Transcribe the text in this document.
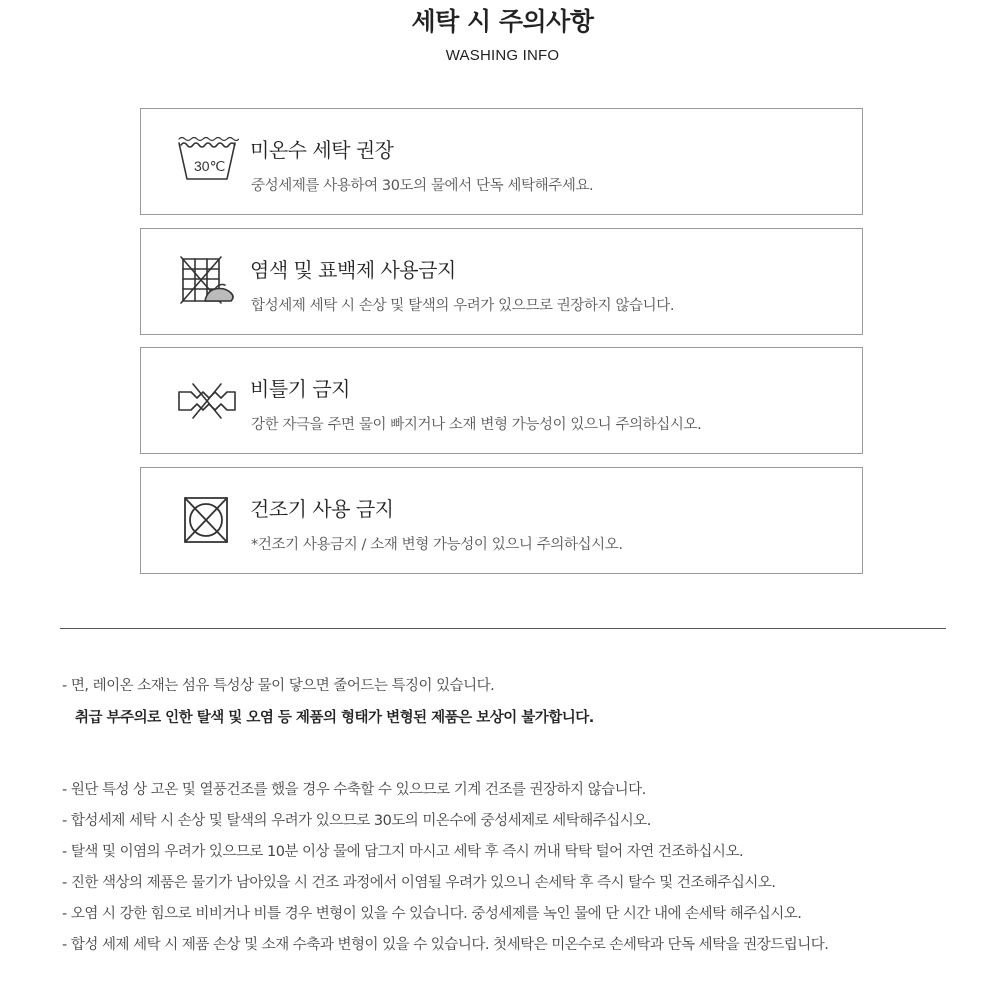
세탁 시 주의사항
WASHING INFO
30℃
미온수 세탁 권장
중성세제를 사용하여 30도의 물에서 단독 세탁해주세요.
염색 및 표백제 사용금지
합성세제 세탁 시 손상 및 탈색의 우려가 있으므로 권장하지 않습니다.
비틀기 금지
강한 자극을 주면 물이 빠지거나 소재 변형 가능성이 있으니 주의하십시오.
건조기 사용 금지
*건조기 사용금지 / 소재 변형 가능성이 있으니 주의하십시오.
- 면, 레이온 소재는 섬유 특성상 물이 닿으면 줄어드는 특징이 있습니다.
취급 부주의로 인한 탈색 및 오염 등 제품의 형태가 변형된 제품은 보상이 불가합니다.
- 원단 특성 상 고온 및 열풍건조를 했을 경우 수축할 수 있으므로 기계 건조를 권장하지 않습니다.
- 합성세제 세탁 시 손상 및 탈색의 우려가 있으므로 30도의 미온수에 중성세제로 세탁해주십시오.
- 탈색 및 이염의 우려가 있으므로 10분 이상 물에 담그지 마시고 세탁 후 즉시 꺼내 탁탁 털어 자연 건조하십시오.
- 진한 색상의 제품은 물기가 남아있을 시 건조 과정에서 이염될 우려가 있으니 손세탁 후 즉시 탈수 및 건조해주십시오.
- 오염 시 강한 힘으로 비비거나 비틀 경우 변형이 있을 수 있습니다. 중성세제를 녹인 물에 단 시간 내에 손세탁 해주십시오.
- 합성 세제 세탁 시 제품 손상 및 소재 수축과 변형이 있을 수 있습니다. 첫세탁은 미온수로 손세탁과 단독 세탁을 권장드립니다.
